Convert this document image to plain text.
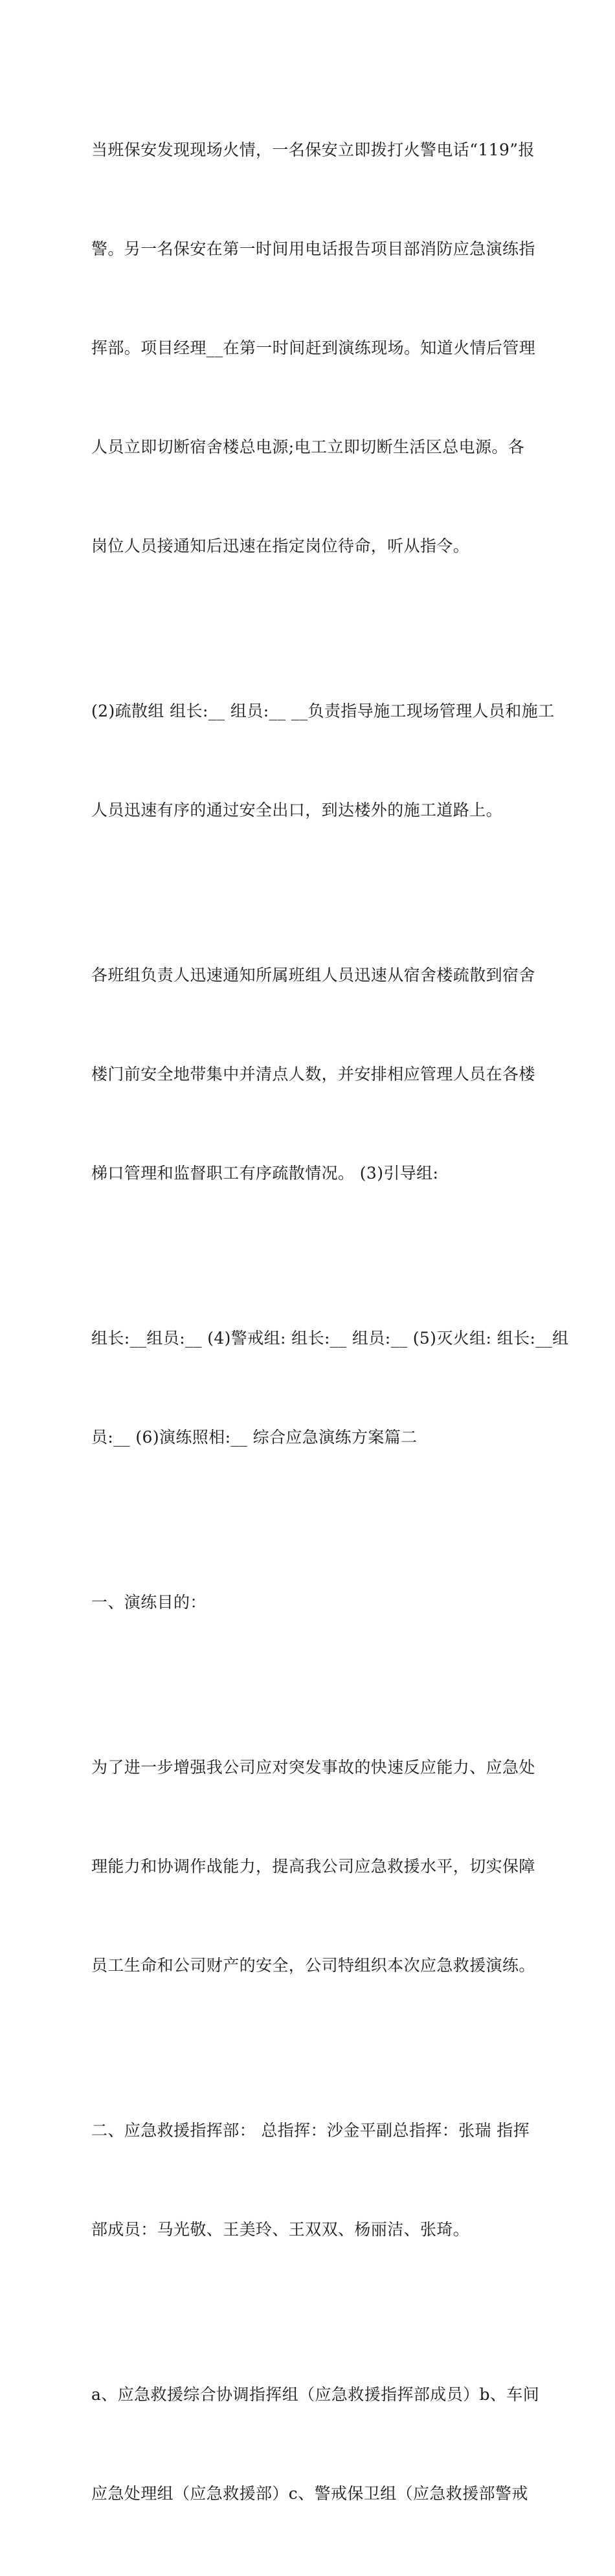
当班保安发现现场火情，一名保安立即拨打火警电话“119”报

警。另一名保安在第一时间用电话报告项目部消防应急演练指

挥部。项目经理__在第一时间赶到演练现场。知道火情后管理

人员立即切断宿舍楼总电源;电工立即切断生活区总电源。各

岗位人员接通知后迅速在指定岗位待命，听从指令。

(2)疏散组 组长:__ 组员:__ __负责指导施工现场管理人员和施工

人员迅速有序的通过安全出口，到达楼外的施工道路上。

各班组负责人迅速通知所属班组人员迅速从宿舍楼疏散到宿舍

楼门前安全地带集中并清点人数，并安排相应管理人员在各楼

梯口管理和监督职工有序疏散情况。 (3)引导组:

组长:__组员:__ (4)警戒组: 组长:__ 组员:__ (5)灭火组: 组长:__组

员:__ (6)演练照相:__ 综合应急演练方案篇二

一、演练目的：

为了进一步增强我公司应对突发事故的快速反应能力、应急处

理能力和协调作战能力，提高我公司应急救援水平，切实保障

员工生命和公司财产的安全，公司特组织本次应急救援演练。

二、应急救援指挥部： 总指挥：沙金平副总指挥：张瑞 指挥

部成员：马光敬、王美玲、王双双、杨丽洁、张琦。

a、应急救援综合协调指挥组（应急救援指挥部成员）b、车间

应急处理组（应急救援部）c、警戒保卫组（应急救援部警戒
